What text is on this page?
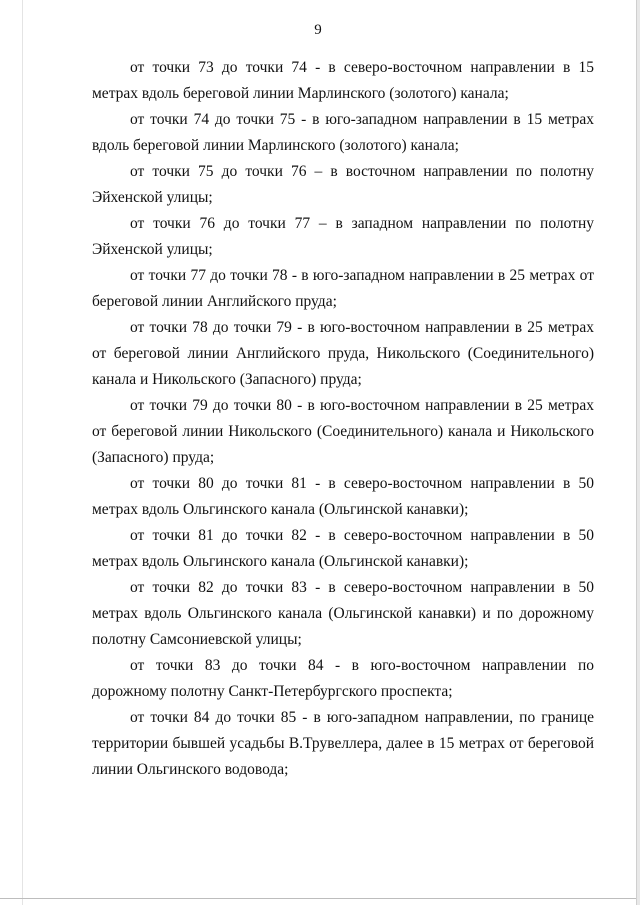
9

от точки 73 до точки 74 - в северо-восточном направлении в 15 метрах вдоль береговой линии Марлинского (золотого) канала;

от точки 74 до точки 75 - в юго-западном направлении в 15 метрах вдоль береговой линии Марлинского (золотого) канала;

от точки 75 до точки 76 – в восточном направлении по полотну Эйхенской улицы;

от точки 76 до точки 77 – в западном направлении по полотну Эйхенской улицы;

от точки 77 до точки 78 - в юго-западном направлении в 25 метрах от береговой линии Английского пруда;

от точки 78 до точки 79 - в юго-восточном направлении в 25 метрах от береговой линии Английского пруда, Никольского (Соединительного) канала и Никольского (Запасного) пруда;

от точки 79 до точки 80 - в юго-восточном направлении в 25 метрах от береговой линии Никольского (Соединительного) канала и Никольского (Запасного) пруда;

от точки 80 до точки 81 - в северо-восточном направлении в 50 метрах вдоль Ольгинского канала (Ольгинской канавки);

от точки 81 до точки 82 - в северо-восточном направлении в 50 метрах вдоль Ольгинского канала (Ольгинской канавки);

от точки 82 до точки 83 - в северо-восточном направлении в 50 метрах вдоль Ольгинского канала (Ольгинской канавки) и по дорожному полотну Самсониевской улицы;

от точки 83 до точки 84 - в юго-восточном направлении по дорожному полотну Санкт-Петербургского проспекта;

от точки 84 до точки 85 - в юго-западном направлении, по границе территории бывшей усадьбы В.Трувеллера, далее в 15 метрах от береговой линии Ольгинского водовода;
